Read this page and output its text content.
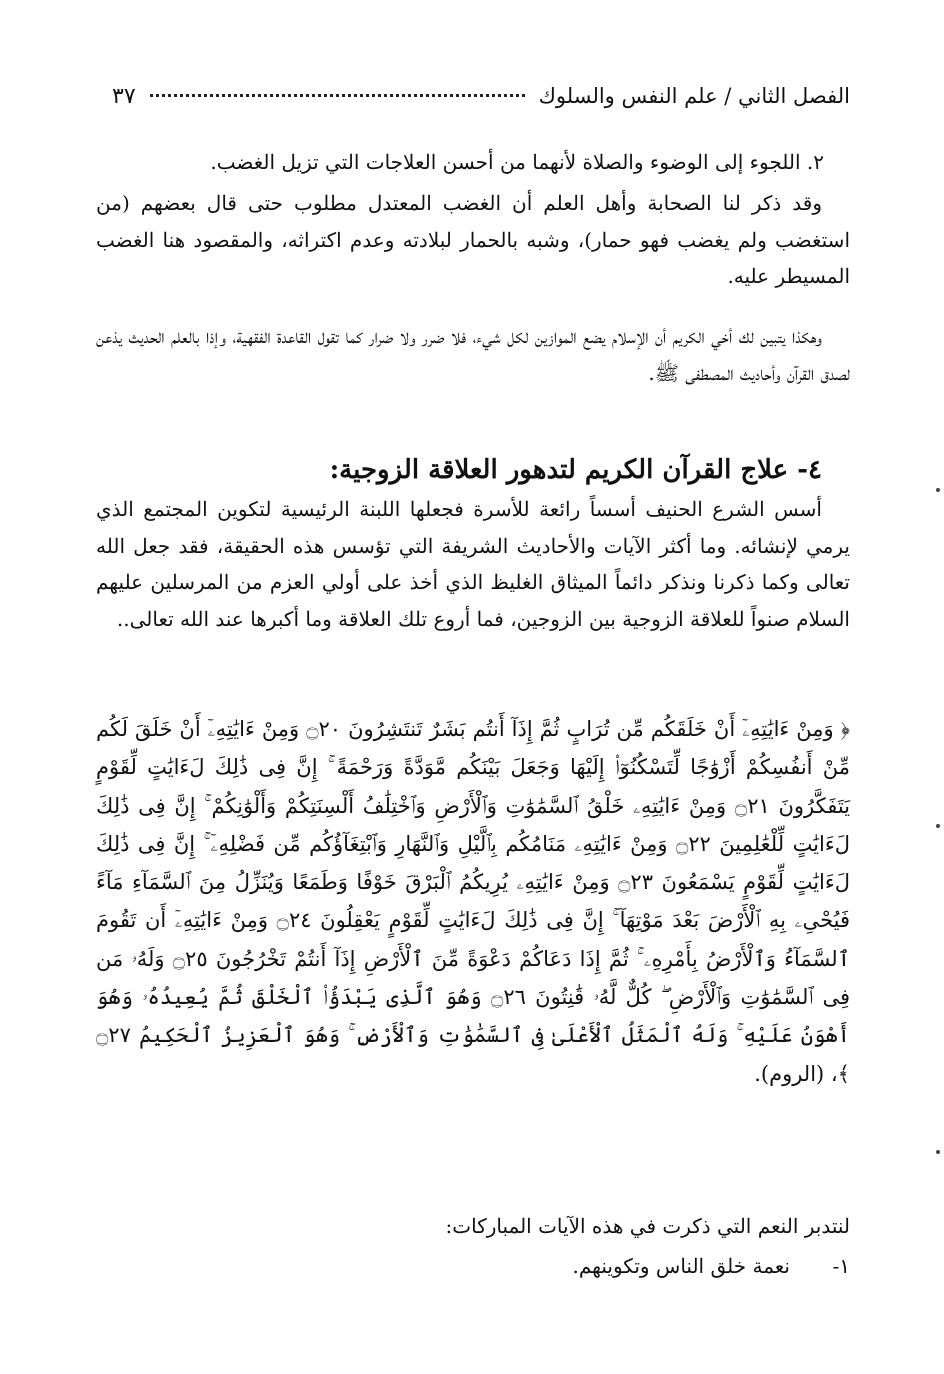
الفصل الثاني / علم النفس والسلوك
٣٧

٢. اللجوء إلى الوضوء والصلاة لأنهما من أحسن العلاجات التي تزيل الغضب.

وقد ذكر لنا الصحابة وأهل العلم أن الغضب المعتدل مطلوب حتى قال بعضهم (من استغضب ولم يغضب فهو حمار)، وشبه بالحمار لبلادته وعدم اكتراثه، والمقصود هنا الغضب المسيطر عليه.

وهكذا يتبين لك أخي الكريم أن الإسلام يضع الموازين لكل شيء، فلا ضرر ولا ضرار كما تقول القاعدة الفقهية، وإذا بالعلم الحديث يذعن لصدق القرآن وأحاديث المصطفى ﷺ.

٤- علاج القرآن الكريم لتدهور العلاقة الزوجية:

أسس الشرع الحنيف أسساً رائعة للأسرة فجعلها اللبنة الرئيسية لتكوين المجتمع الذي يرمي لإنشائه. وما أكثر الآيات والأحاديث الشريفة التي تؤسس هذه الحقيقة، فقد جعل الله تعالى وكما ذكرنا ونذكر دائماً الميثاق الغليظ الذي أخذ على أولي العزم من المرسلين عليهم السلام صنواً للعلاقة الزوجية بين الزوجين، فما أروع تلك العلاقة وما أكبرها عند الله تعالى..

﴿ وَمِنْ ءَايَٰتِهِۦٓ أَنْ خَلَقَكُم مِّن تُرَابٍ ثُمَّ إِذَآ أَنتُم بَشَرٌ تَنتَشِرُونَ ۝٢٠ وَمِنْ ءَايَٰتِهِۦٓ أَنْ خَلَقَ لَكُم مِّنْ أَنفُسِكُمْ أَزْوَٰجًا لِّتَسْكُنُوٓا۟ إِلَيْهَا وَجَعَلَ بَيْنَكُم مَّوَدَّةً وَرَحْمَةً ۚ إِنَّ فِى ذَٰلِكَ لَءَايَٰتٍ لِّقَوْمٍ يَتَفَكَّرُونَ ۝٢١ وَمِنْ ءَايَٰتِهِۦ خَلْقُ ٱلسَّمَٰوَٰتِ وَٱلْأَرْضِ وَٱخْتِلَٰفُ أَلْسِنَتِكُمْ وَأَلْوَٰنِكُمْ ۚ إِنَّ فِى ذَٰلِكَ لَءَايَٰتٍ لِّلْعَٰلِمِينَ ۝٢٢ وَمِنْ ءَايَٰتِهِۦ مَنَامُكُم بِٱلَّيْلِ وَٱلنَّهَارِ وَٱبْتِغَآؤُكُم مِّن فَضْلِهِۦٓ ۚ إِنَّ فِى ذَٰلِكَ لَءَايَٰتٍ لِّقَوْمٍ يَسْمَعُونَ ۝٢٣ وَمِنْ ءَايَٰتِهِۦ يُرِيكُمُ ٱلْبَرْقَ خَوْفًا وَطَمَعًا وَيُنَزِّلُ مِنَ ٱلسَّمَآءِ مَآءً فَيُحْىِۦ بِهِ ٱلْأَرْضَ بَعْدَ مَوْتِهَآ ۚ إِنَّ فِى ذَٰلِكَ لَءَايَٰتٍ لِّقَوْمٍ يَعْقِلُونَ ۝٢٤ وَمِنْ ءَايَٰتِهِۦٓ أَن تَقُومَ ٱلسَّمَآءُ وَٱلْأَرْضُ بِأَمْرِهِۦ ۚ ثُمَّ إِذَا دَعَاكُمْ دَعْوَةً مِّنَ ٱلْأَرْضِ إِذَآ أَنتُمْ تَخْرُجُونَ ۝٢٥ وَلَهُۥ مَن فِى ٱلسَّمَٰوَٰتِ وَٱلْأَرْضِ ۖ كُلٌّ لَّهُۥ قَٰنِتُونَ ۝٢٦ وَهُوَ ٱلَّذِى يَبْدَؤُا۟ ٱلْخَلْقَ ثُمَّ يُعِيدُهُۥ وَهُوَ أَهْوَنُ عَلَيْهِ ۚ وَلَهُ ٱلْمَثَلُ ٱلْأَعْلَىٰ فِى ٱلسَّمَٰوَٰتِ وَٱلْأَرْضِ ۚ وَهُوَ ٱلْعَزِيزُ ٱلْحَكِيمُ ۝٢٧ ﴾، (الروم).

لنتدبر النعم التي ذكرت في هذه الآيات المباركات:

١-
نعمة خلق الناس وتكوينهم.
